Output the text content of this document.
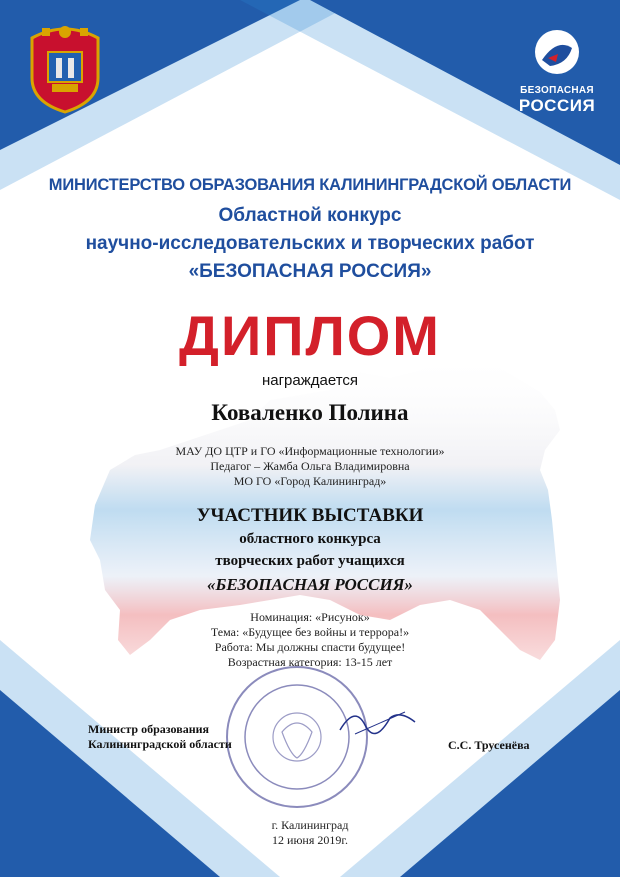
БЕЗОПАСНАЯ
РОССИЯ
МИНИСТЕРСТВО ОБРАЗОВАНИЯ КАЛИНИНГРАДСКОЙ ОБЛАСТИ
Областной конкурс
научно-исследовательских и творческих работ
«БЕЗОПАСНАЯ РОССИЯ»
ДИПЛОМ
награждается
Коваленко Полина
МАУ ДО ЦТР и ГО «Информационные технологии»
Педагог – Жамба Ольга Владимировна
МО ГО «Город Калининград»
УЧАСТНИК ВЫСТАВКИ
областного конкурса
творческих работ учащихся
«БЕЗОПАСНАЯ РОССИЯ»
Номинация: «Рисунок»
Тема: «Будущее без войны и террора!»
Работа: Мы должны спасти будущее!
Возрастная категория: 13-15 лет
Министр образования
Калининградской области	С.С. Трусенёва
г. Калининград
12 июня 2019г.
